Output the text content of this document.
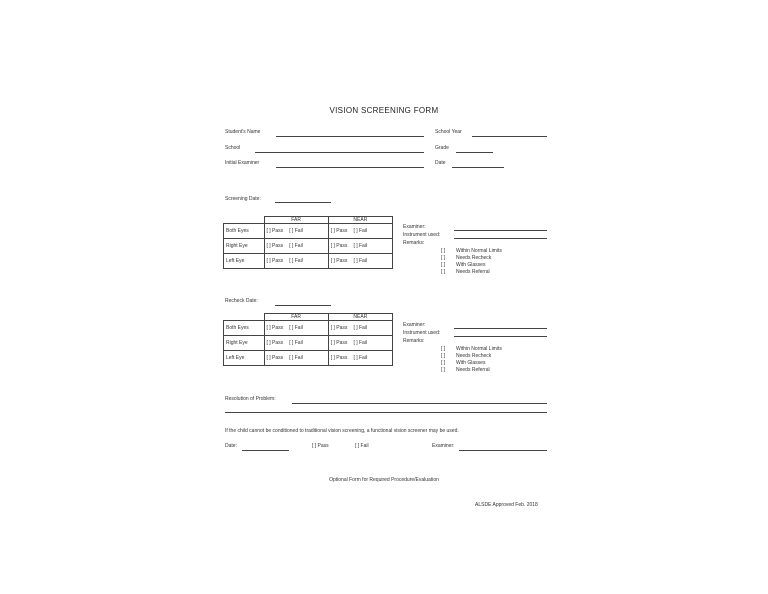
VISION SCREENING FORM
Student's Name	School Year
School	Grade
Initial Examiner	Date
Screening Date:
	FAR	NEAR
Both Eyes	[ ] Pass [ ] Fail	[ ] Pass [ ] Fail
Right Eye	[ ] Pass [ ] Fail	[ ] Pass [ ] Fail
Left Eye	[ ] Pass [ ] Fail	[ ] Pass [ ] Fail
Examiner:
Instrument used:
Remarks:
[ ] Within Normal Limits
[ ] Needs Recheck
[ ] With Glasses
[ ] Needs Referral
Recheck Date:
	FAR	NEAR
Both Eyes	[ ] Pass [ ] Fail	[ ] Pass [ ] Fail
Right Eye	[ ] Pass [ ] Fail	[ ] Pass [ ] Fail
Left Eye	[ ] Pass [ ] Fail	[ ] Pass [ ] Fail
Examiner:
Instrument used:
Remarks:
[ ] Within Normal Limits
[ ] Needs Recheck
[ ] With Glasses
[ ] Needs Referral
Resolution of Problem:
If the child cannot be conditioned to traditional vision screening, a functional vision screener may be used.
Date:	[ ] Pass	[ ] Fail	Examiner:
Optional Form for Required Procedure/Evaluation
ALSDE Approved Feb. 2018
